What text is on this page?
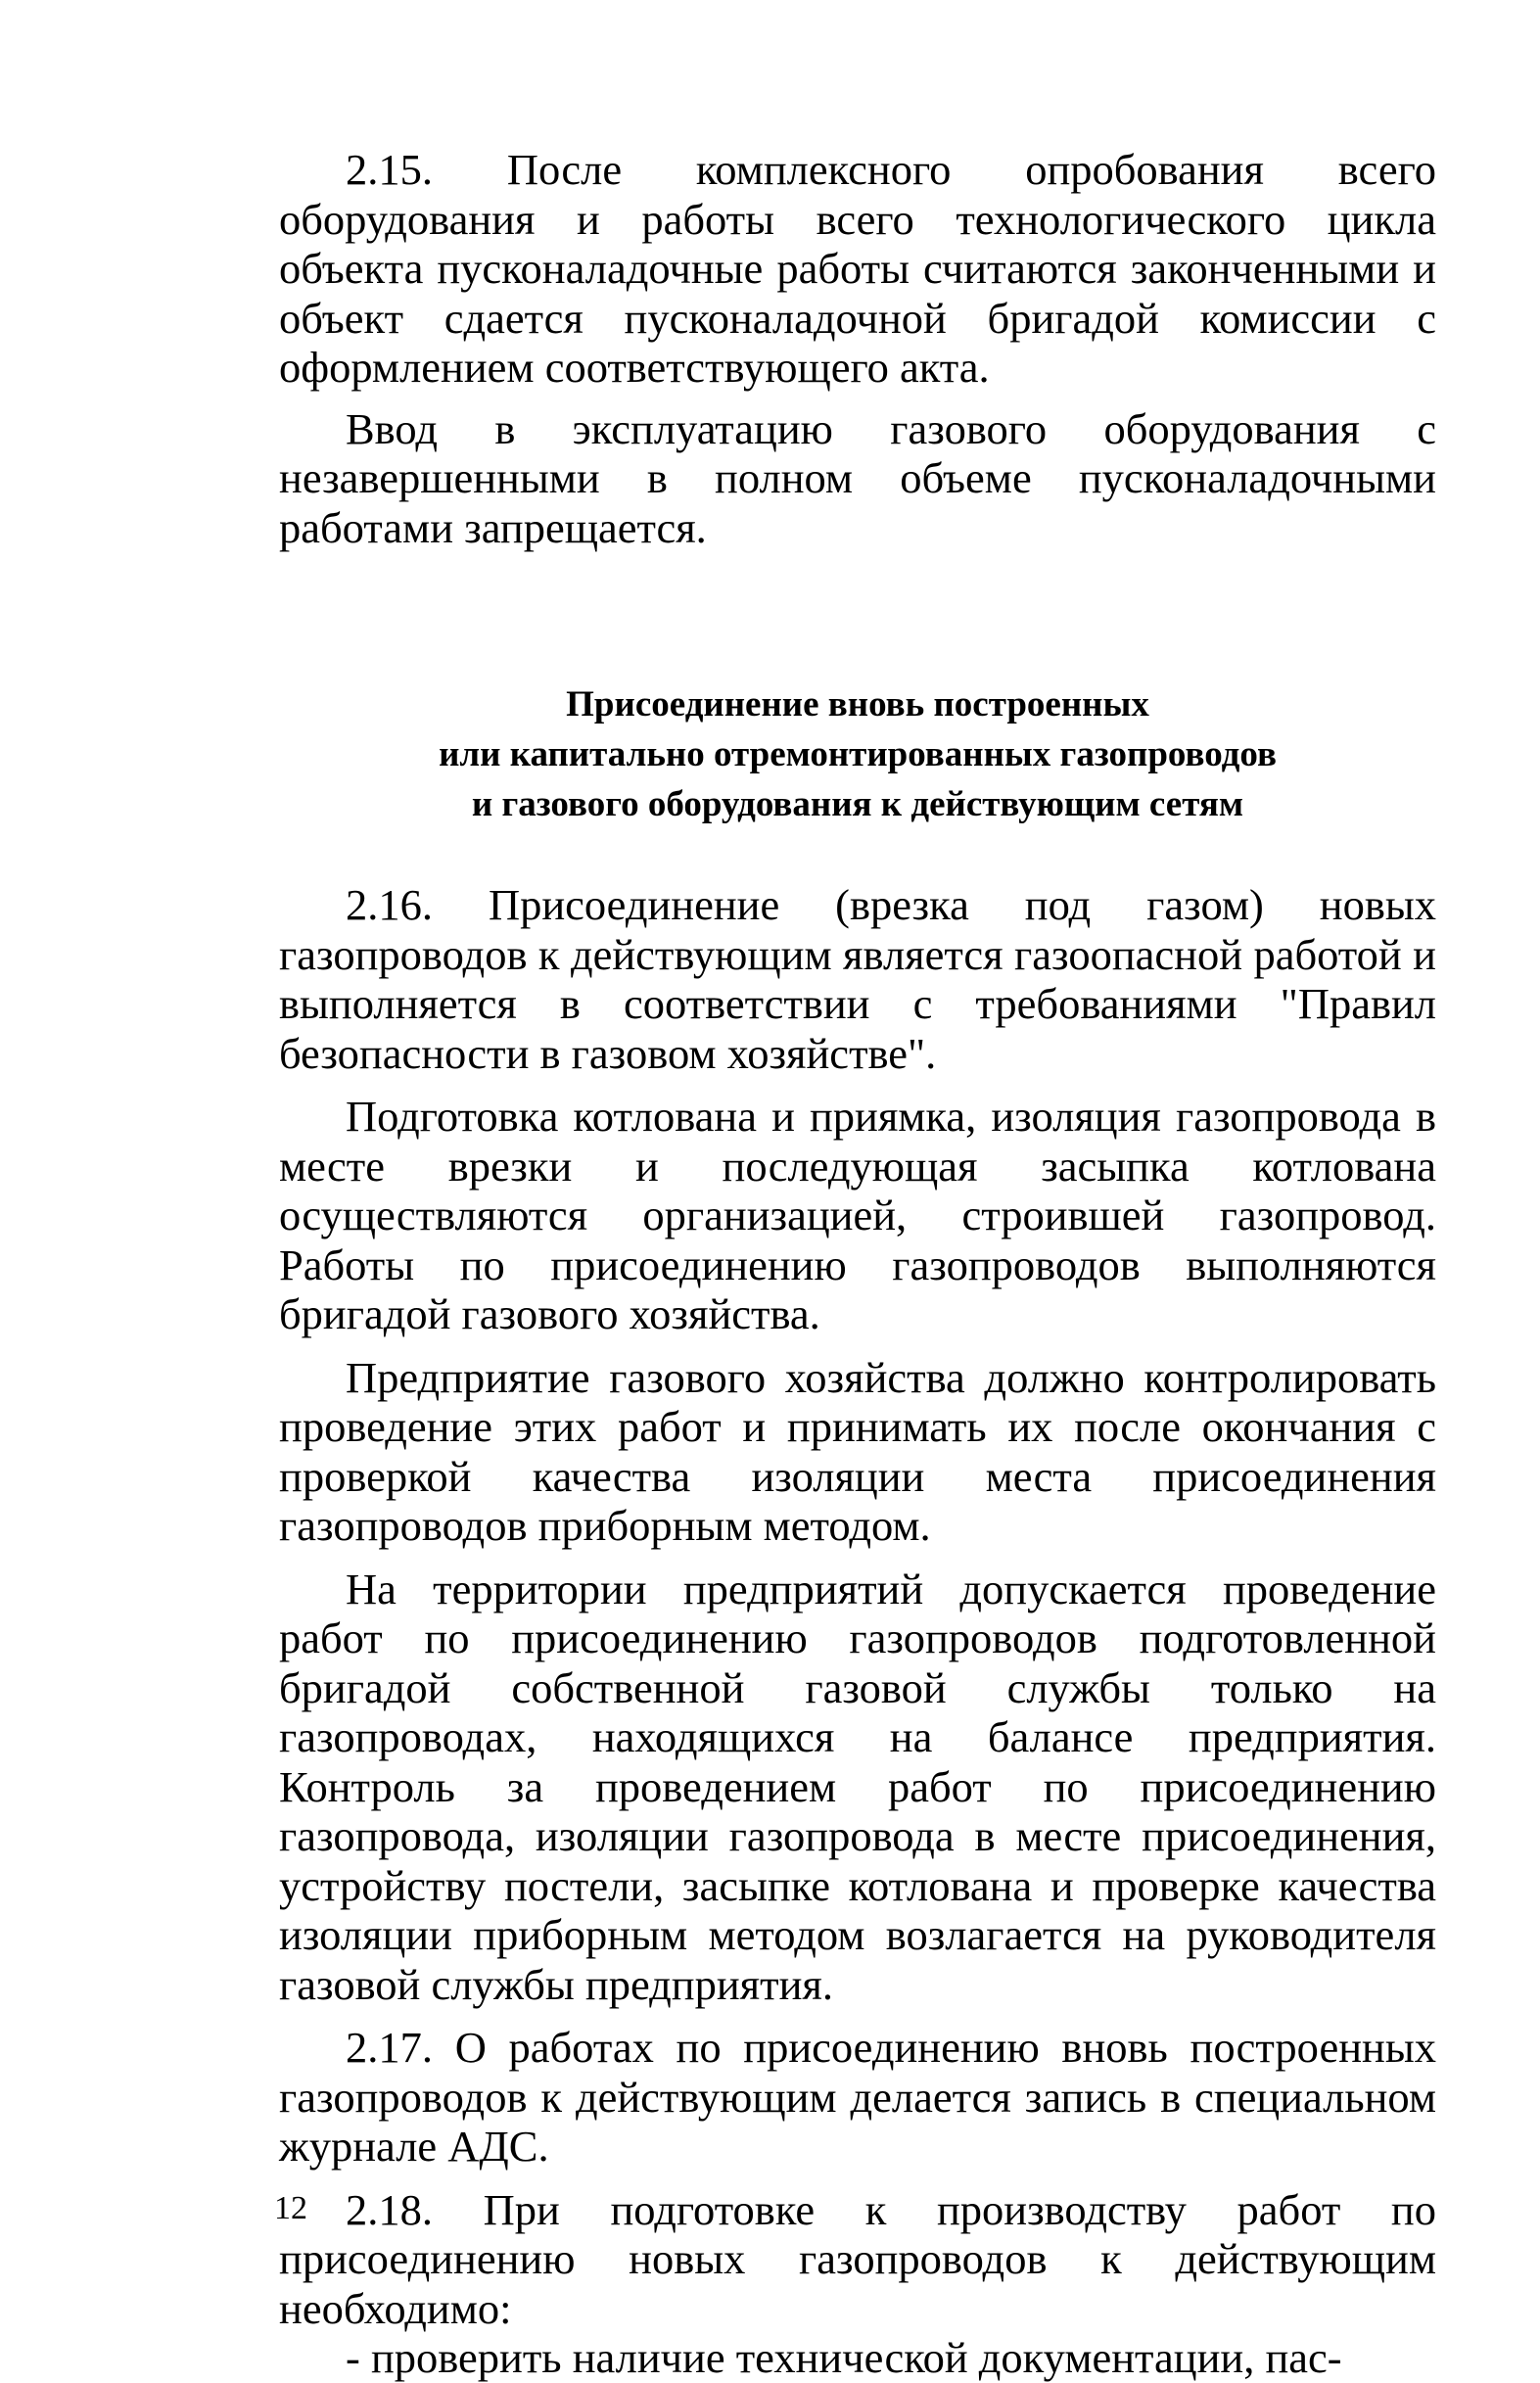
2.15. После комплексного опробования всего оборудования и работы всего технологического цикла объекта пусконаладочные работы считаются законченными и объект сдается пусконаладочной бригадой комиссии с оформлением соответствующего акта.

Ввод в эксплуатацию газового оборудования с незавершенными в полном объеме пусконаладочными работами запрещается.

Присоединение вновь построенных
или капитально отремонтированных газопроводов
и газового оборудования к действующим сетям

2.16. Присоединение (врезка под газом) новых газопроводов к действующим является газоопасной работой и выполняется в соответствии с требованиями "Правил безопасности в газовом хозяйстве".

Подготовка котлована и приямка, изоляция газопровода в месте врезки и последующая засыпка котлована осуществляются организацией, строившей газопровод. Работы по присоединению газопроводов выполняются бригадой газового хозяйства.

Предприятие газового хозяйства должно контролировать проведение этих работ и принимать их после окончания с проверкой качества изоляции места присоединения газопроводов приборным методом.

На территории предприятий допускается проведение работ по присоединению газопроводов подготовленной бригадой собственной газовой службы только на газопроводах, находящихся на балансе предприятия. Контроль за проведением работ по присоединению газопровода, изоляции газопровода в месте присоединения, устройству постели, засыпке котлована и проверке качества изоляции приборным методом возлагается на руководителя газовой службы предприятия.

2.17. О работах по присоединению вновь построенных газопроводов к действующим делается запись в специальном журнале АДС.

2.18. При подготовке к производству работ по присоединению новых газопроводов к действующим необходимо:

- проверить наличие технической документации, пас-

12
